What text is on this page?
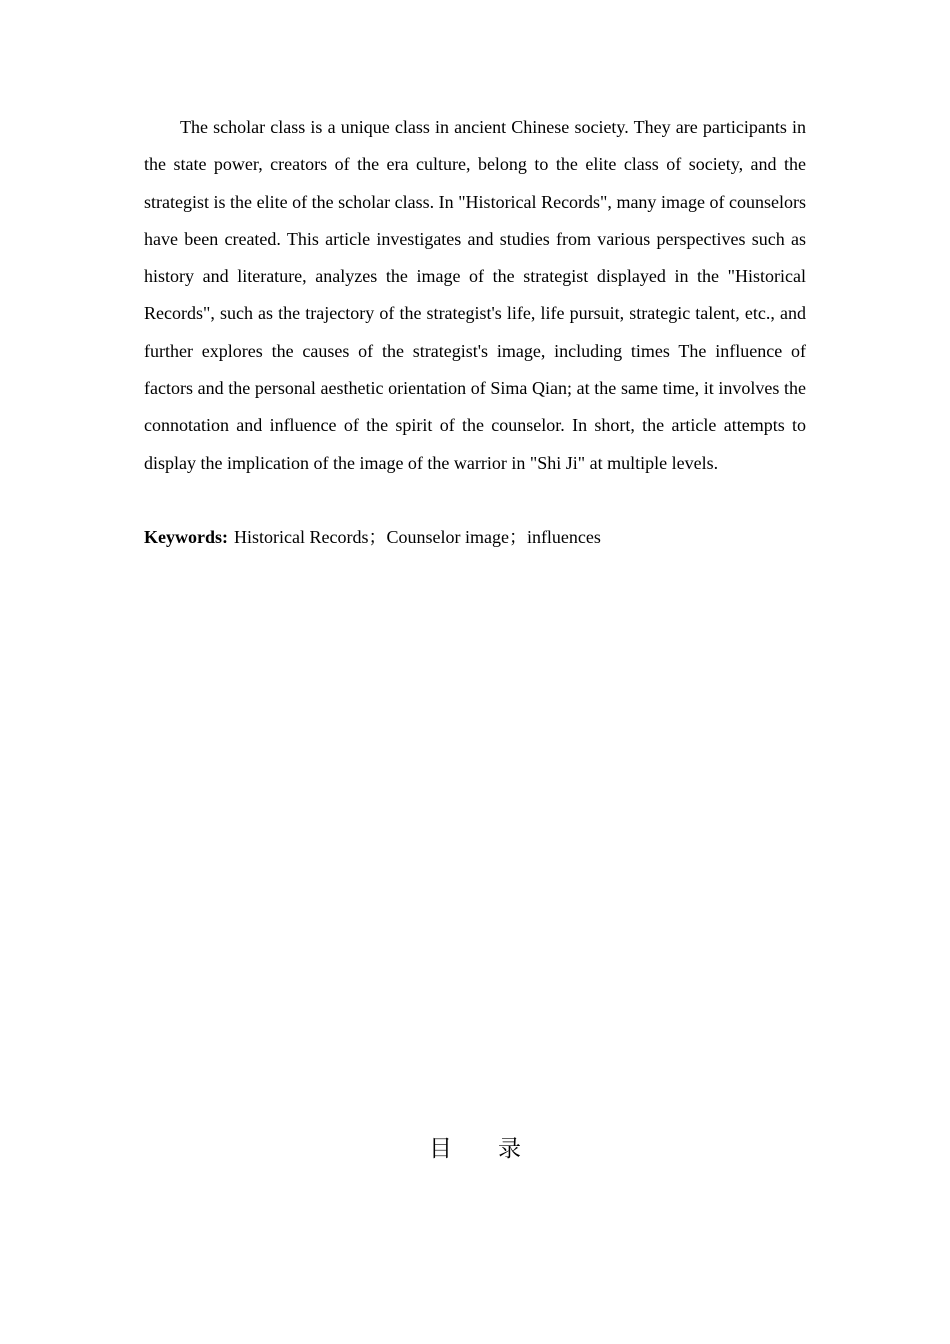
The scholar class is a unique class in ancient Chinese society. They are participants in the state power, creators of the era culture, belong to the elite class of society, and the strategist is the elite of the scholar class. In "Historical Records", many image of counselors have been created. This article investigates and studies from various perspectives such as history and literature, analyzes the image of the strategist displayed in the "Historical Records", such as the trajectory of the strategist's life, life pursuit, strategic talent, etc., and further explores the causes of the strategist's image, including times The influence of factors and the personal aesthetic orientation of Sima Qian; at the same time, it involves the connotation and influence of the spirit of the counselor. In short, the article attempts to display the implication of the image of the warrior in "Shi Ji" at multiple levels.

Keywords: Historical Records；Counselor image；influences

目  录
